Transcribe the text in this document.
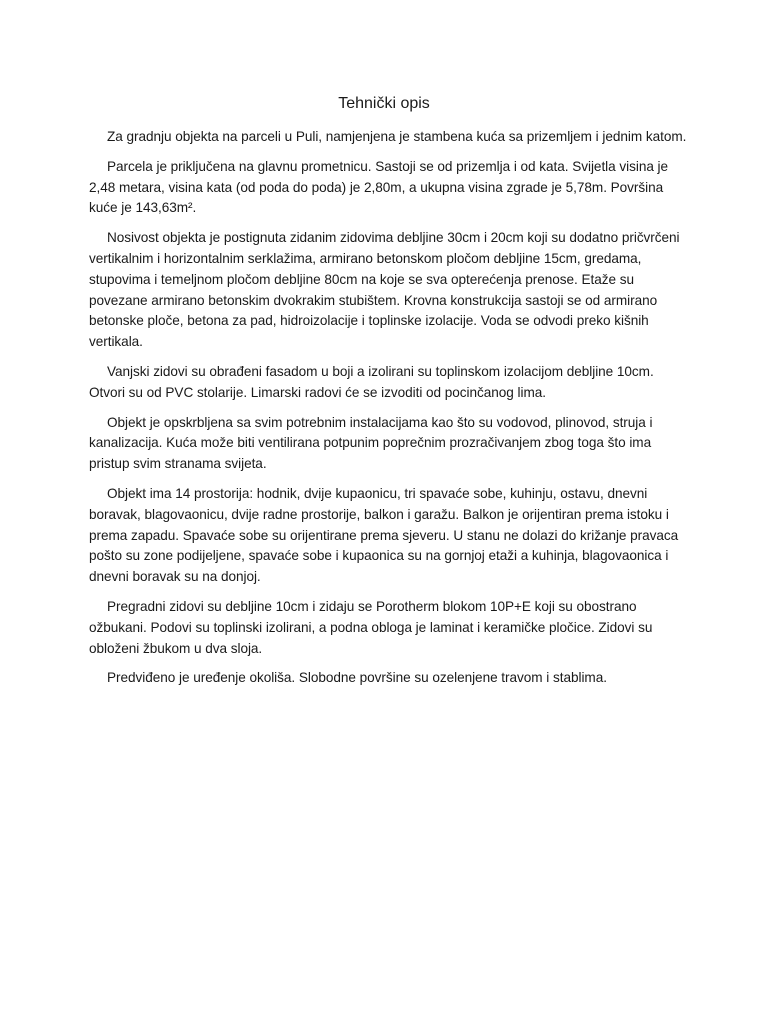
Tehnički opis

Za gradnju objekta na parceli u Puli, namjenjena je stambena kuća sa prizemljem i jednim katom.

Parcela je priključena na glavnu prometnicu. Sastoji se od prizemlja i od kata. Svijetla visina je 2,48 metara, visina kata (od poda do poda) je 2,80m, a ukupna visina zgrade je 5,78m. Površina kuće je 143,63m².

Nosivost objekta je postignuta zidanim zidovima debljine 30cm i 20cm koji su dodatno pričvrčeni vertikalnim i horizontalnim serklažima, armirano betonskom pločom debljine 15cm, gredama, stupovima i temeljnom pločom debljine 80cm na koje se sva opterećenja prenose. Etaže su povezane armirano betonskim dvokrakim stubištem. Krovna konstrukcija sastoji se od armirano betonske ploče, betona za pad, hidroizolacije i toplinske izolacije. Voda se odvodi preko kišnih vertikala.

Vanjski zidovi su obrađeni fasadom u boji a izolirani su toplinskom izolacijom debljine 10cm. Otvori su od PVC stolarije. Limarski radovi će se izvoditi od pocinčanog lima.

Objekt je opskrbljena sa svim potrebnim instalacijama kao što su vodovod, plinovod, struja i kanalizacija. Kuća može biti ventilirana potpunim poprečnim prozračivanjem zbog toga što ima pristup svim stranama svijeta.

Objekt ima 14 prostorija: hodnik, dvije kupaonicu, tri spavaće sobe, kuhinju, ostavu, dnevni boravak, blagovaonicu, dvije radne prostorije, balkon i garažu. Balkon je orijentiran prema istoku i prema zapadu. Spavaće sobe su orijentirane prema sjeveru. U stanu ne dolazi do križanje pravaca pošto su zone podijeljene, spavaće sobe i kupaonica su na gornjoj etaži a kuhinja, blagovaonica i dnevni boravak su na donjoj.

Pregradni zidovi su debljine 10cm i zidaju se Porotherm blokom 10P+E koji su obostrano ožbukani. Podovi su toplinski izolirani, a podna obloga je laminat i keramičke pločice. Zidovi su obloženi žbukom u dva sloja.

Predviđeno je uređenje okoliša. Slobodne površine su ozelenjene travom i stablima.
